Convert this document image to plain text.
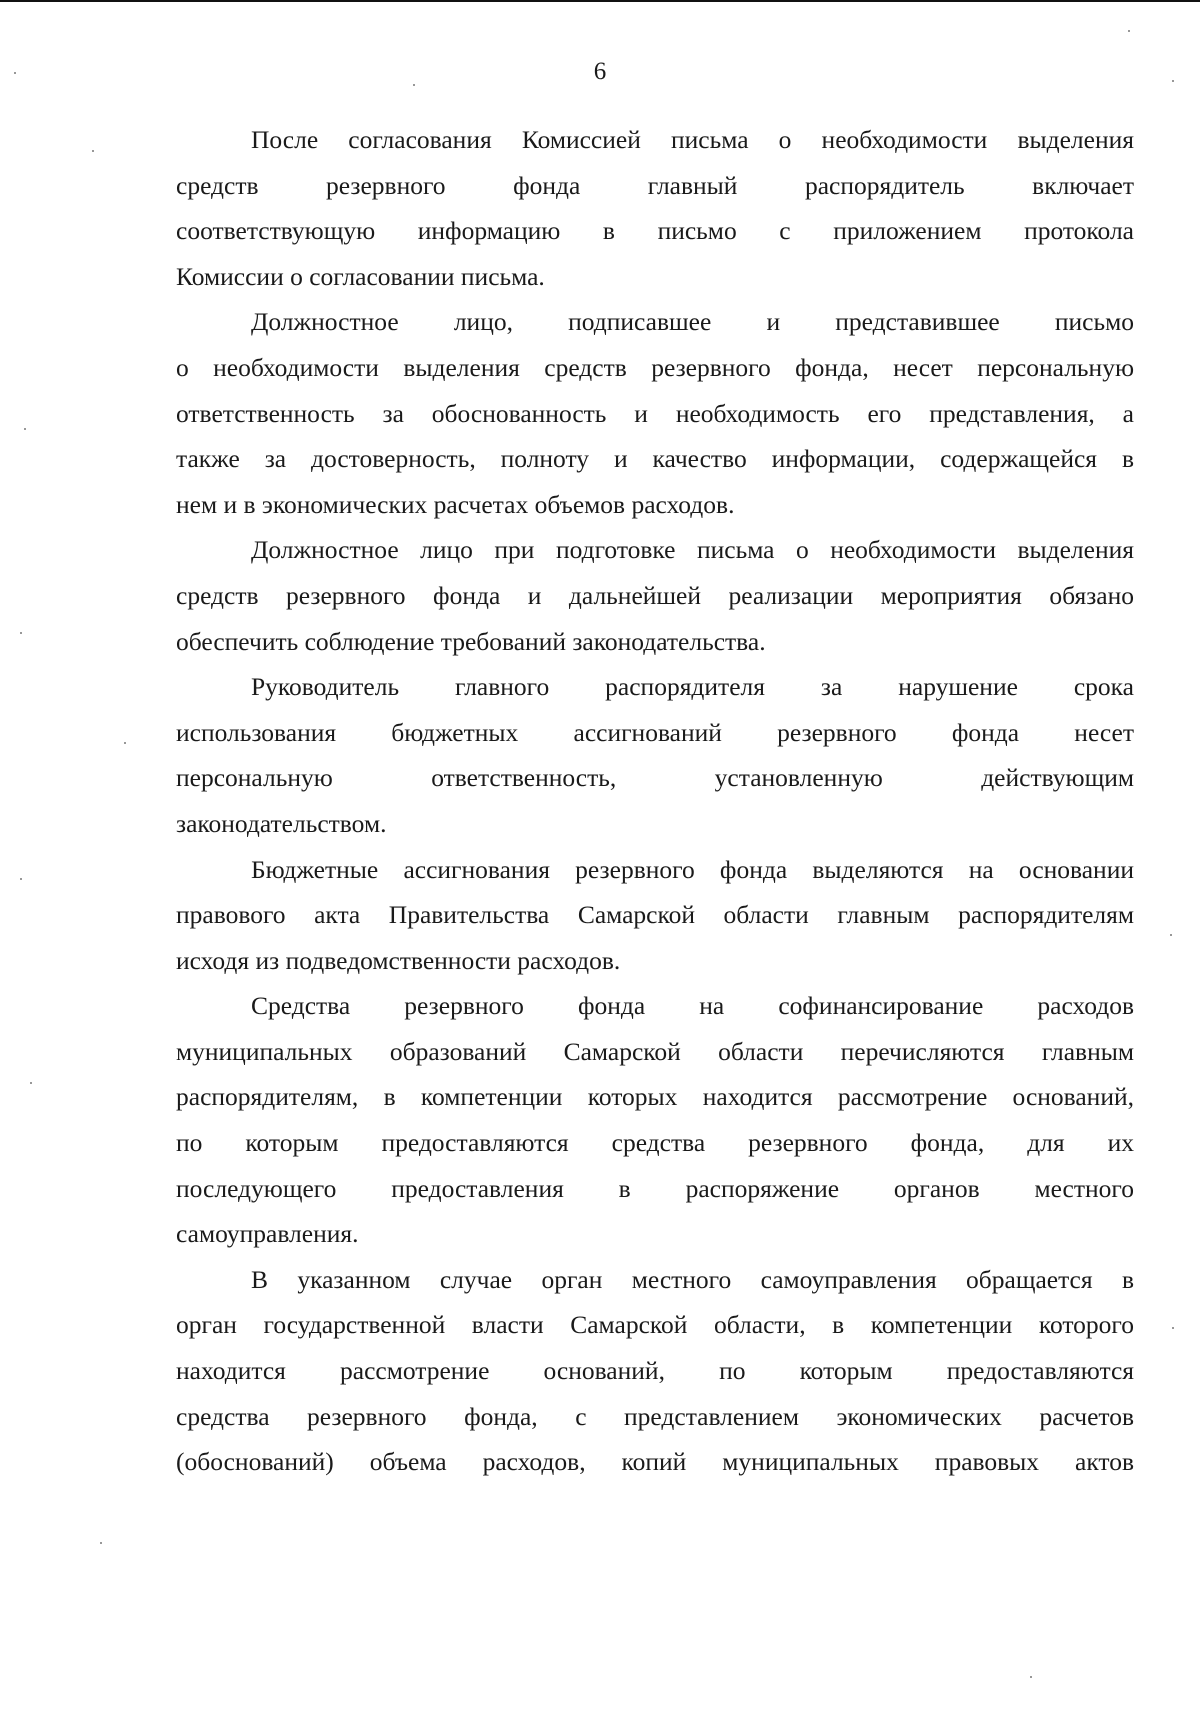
6
После согласования Комиссией письма о необходимости выделения
средств резервного фонда главный распорядитель включает
соответствующую информацию в письмо с приложением протокола
Комиссии о согласовании письма.
Должностное лицо, подписавшее и представившее письмо
о необходимости выделения средств резервного фонда, несет персональную
ответственность за обоснованность и необходимость его представления, а
также за достоверность, полноту и качество информации, содержащейся в
нем и в экономических расчетах объемов расходов.
Должностное лицо при подготовке письма о необходимости выделения
средств резервного фонда и дальнейшей реализации мероприятия обязано
обеспечить соблюдение требований законодательства.
Руководитель главного распорядителя за нарушение срока
использования бюджетных ассигнований резервного фонда несет
персональную ответственность, установленную действующим
законодательством.
Бюджетные ассигнования резервного фонда выделяются на основании
правового акта Правительства Самарской области главным распорядителям
исходя из подведомственности расходов.
Средства резервного фонда на софинансирование расходов
муниципальных образований Самарской области перечисляются главным
распорядителям, в компетенции которых находится рассмотрение оснований,
по которым предоставляются средства резервного фонда, для их
последующего предоставления в распоряжение органов местного
самоуправления.
В указанном случае орган местного самоуправления обращается в
орган государственной власти Самарской области, в компетенции которого
находится рассмотрение оснований, по которым предоставляются
средства резервного фонда, с представлением экономических расчетов
(обоснований) объема расходов, копий муниципальных правовых актов
